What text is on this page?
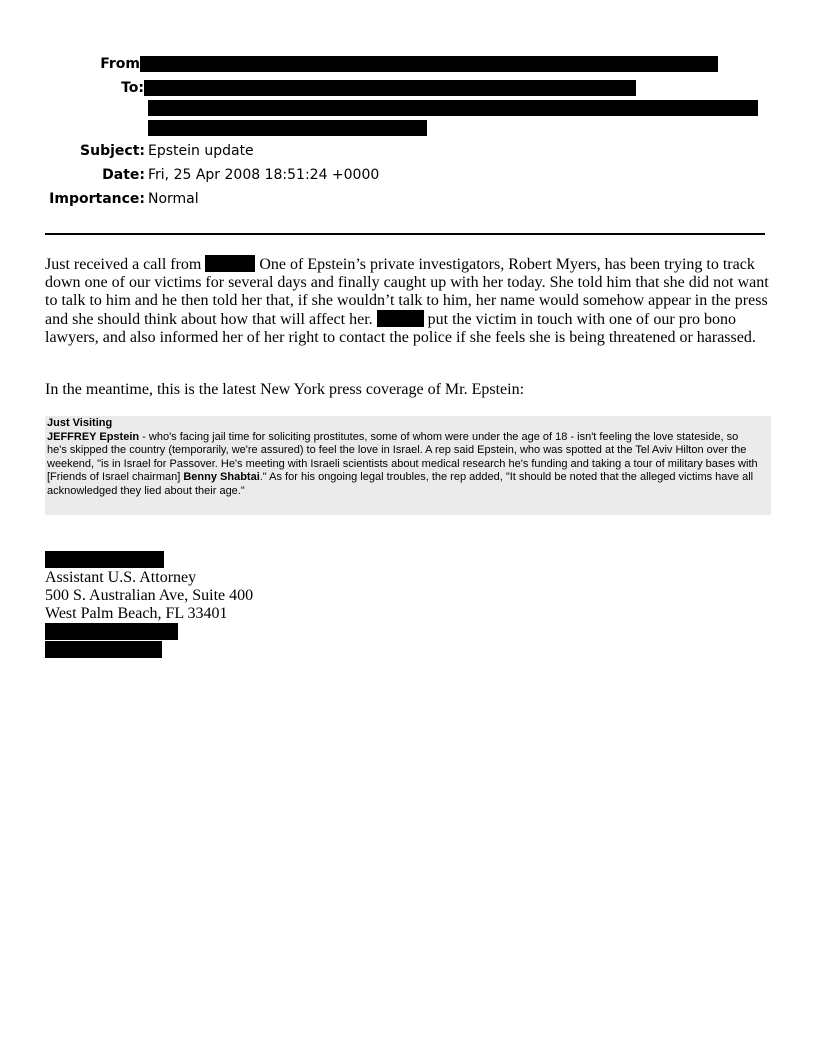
From
To:
Subject: Epstein update
Date: Fri, 25 Apr 2008 18:51:24 +0000
Importance: Normal

Just received a call from	One of Epstein’s private investigators, Robert Myers, has been trying to track down one of our victims for several days and finally caught up with her today. She told him that she did not want to talk to him and he then told her that, if she wouldn’t talk to him, her name would somehow appear in the press and she should think about how that will affect her.	put the victim in touch with one of our pro bono lawyers, and also informed her of her right to contact the police if she feels she is being threatened or harassed.

In the meantime, this is the latest New York press coverage of Mr. Epstein:

Just Visiting
JEFFREY Epstein - who's facing jail time for soliciting prostitutes, some of whom were under the age of 18 - isn't feeling the love stateside, so he's skipped the country (temporarily, we're assured) to feel the love in Israel. A rep said Epstein, who was spotted at the Tel Aviv Hilton over the weekend, "is in Israel for Passover. He's meeting with Israeli scientists about medical research he's funding and taking a tour of military bases with [Friends of Israel chairman] Benny Shabtai." As for his ongoing legal troubles, the rep added, "It should be noted that the alleged victims have all acknowledged they lied about their age."
Assistant U.S. Attorney
500 S. Australian Ave, Suite 400
West Palm Beach, FL 33401
